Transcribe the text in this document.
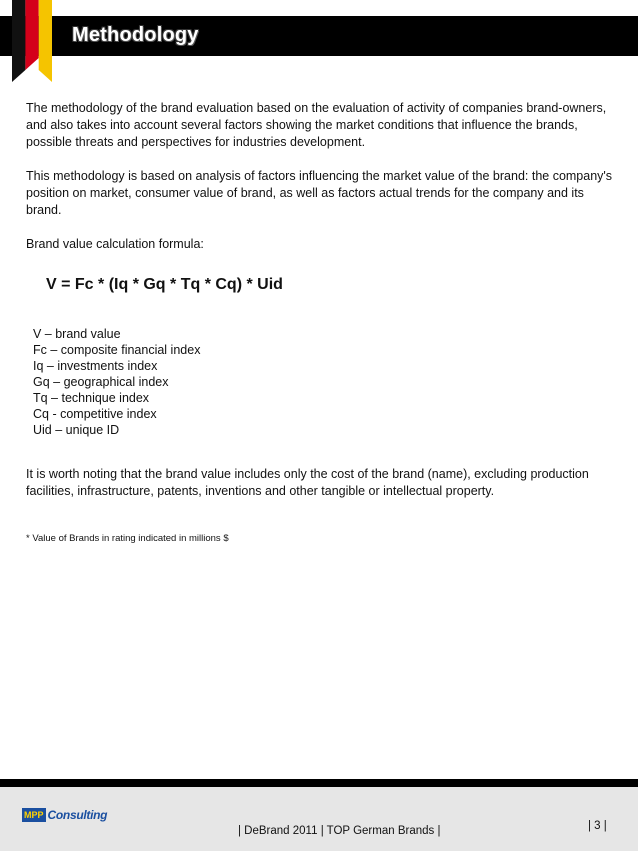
Methodology

The methodology of the brand evaluation based on the evaluation of activity of companies brand-owners, and also takes into account several factors showing the market conditions that influence the brands, possible threats and perspectives for industries development.

This methodology is based on analysis of factors influencing the market value of the brand: the company's position on market, consumer value of brand, as well as factors actual trends for the company and its brand.

Brand value calculation formula:

V = Fc * (Iq * Gq * Tq * Cq) * Uid
V – brand value
Fc – composite financial index
Iq – investments index
Gq – geographical index
Tq – technique index
Cq - competitive index
Uid – unique ID

It is worth noting that the brand value includes only the cost of the brand (name), excluding production facilities, infrastructure, patents, inventions and other tangible or intellectual property.

* Value of Brands in rating indicated in millions $

MPP Consulting
| DeBrand 2011 | TOP German Brands |	| 3 |
